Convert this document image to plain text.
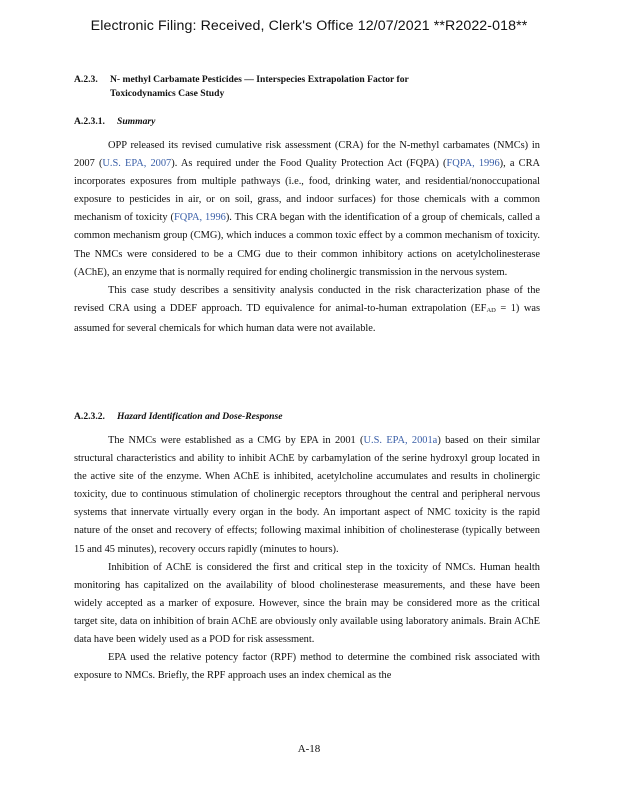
Electronic Filing: Received, Clerk's Office 12/07/2021 **R2022-018**
A.2.3. N- methyl Carbamate Pesticides — Interspecies Extrapolation Factor for
Toxicodynamics Case Study
A.2.3.1. Summary

OPP released its revised cumulative risk assessment (CRA) for the N-methyl carbamates (NMCs) in 2007 (U.S. EPA, 2007). As required under the Food Quality Protection Act (FQPA) (FQPA, 1996), a CRA incorporates exposures from multiple pathways (i.e., food, drinking water, and residential/nonoccupational exposure to pesticides in air, or on soil, grass, and indoor surfaces) for those chemicals with a common mechanism of toxicity (FQPA, 1996). This CRA began with the identification of a group of chemicals, called a common mechanism group (CMG), which induces a common toxic effect by a common mechanism of toxicity. The NMCs were considered to be a CMG due to their common inhibitory actions on acetylcholinesterase (AChE), an enzyme that is normally required for ending cholinergic transmission in the nervous system.

This case study describes a sensitivity analysis conducted in the risk characterization phase of the revised CRA using a DDEF approach. TD equivalence for animal-to-human extrapolation $(EF_{AD} = 1)$ was assumed for several chemicals for which human data were not available.

A.2.3.2. Hazard Identification and Dose-Response

The NMCs were established as a CMG by EPA in 2001 (U.S. EPA, 2001a) based on their similar structural characteristics and ability to inhibit AChE by carbamylation of the serine hydroxyl group located in the active site of the enzyme. When AChE is inhibited, acetylcholine accumulates and results in cholinergic toxicity, due to continuous stimulation of cholinergic receptors throughout the central and peripheral nervous systems that innervate virtually every organ in the body. An important aspect of NMC toxicity is the rapid nature of the onset and recovery of effects; following maximal inhibition of cholinesterase (typically between 15 and 45 minutes), recovery occurs rapidly (minutes to hours).

Inhibition of AChE is considered the first and critical step in the toxicity of NMCs. Human health monitoring has capitalized on the availability of blood cholinesterase measurements, and these have been widely accepted as a marker of exposure. However, since the brain may be considered more as the critical target site, data on inhibition of brain AChE are obviously only available using laboratory animals. Brain AChE data have been widely used as a POD for risk assessment.

EPA used the relative potency factor (RPF) method to determine the combined risk associated with exposure to NMCs. Briefly, the RPF approach uses an index chemical as the

A-18
